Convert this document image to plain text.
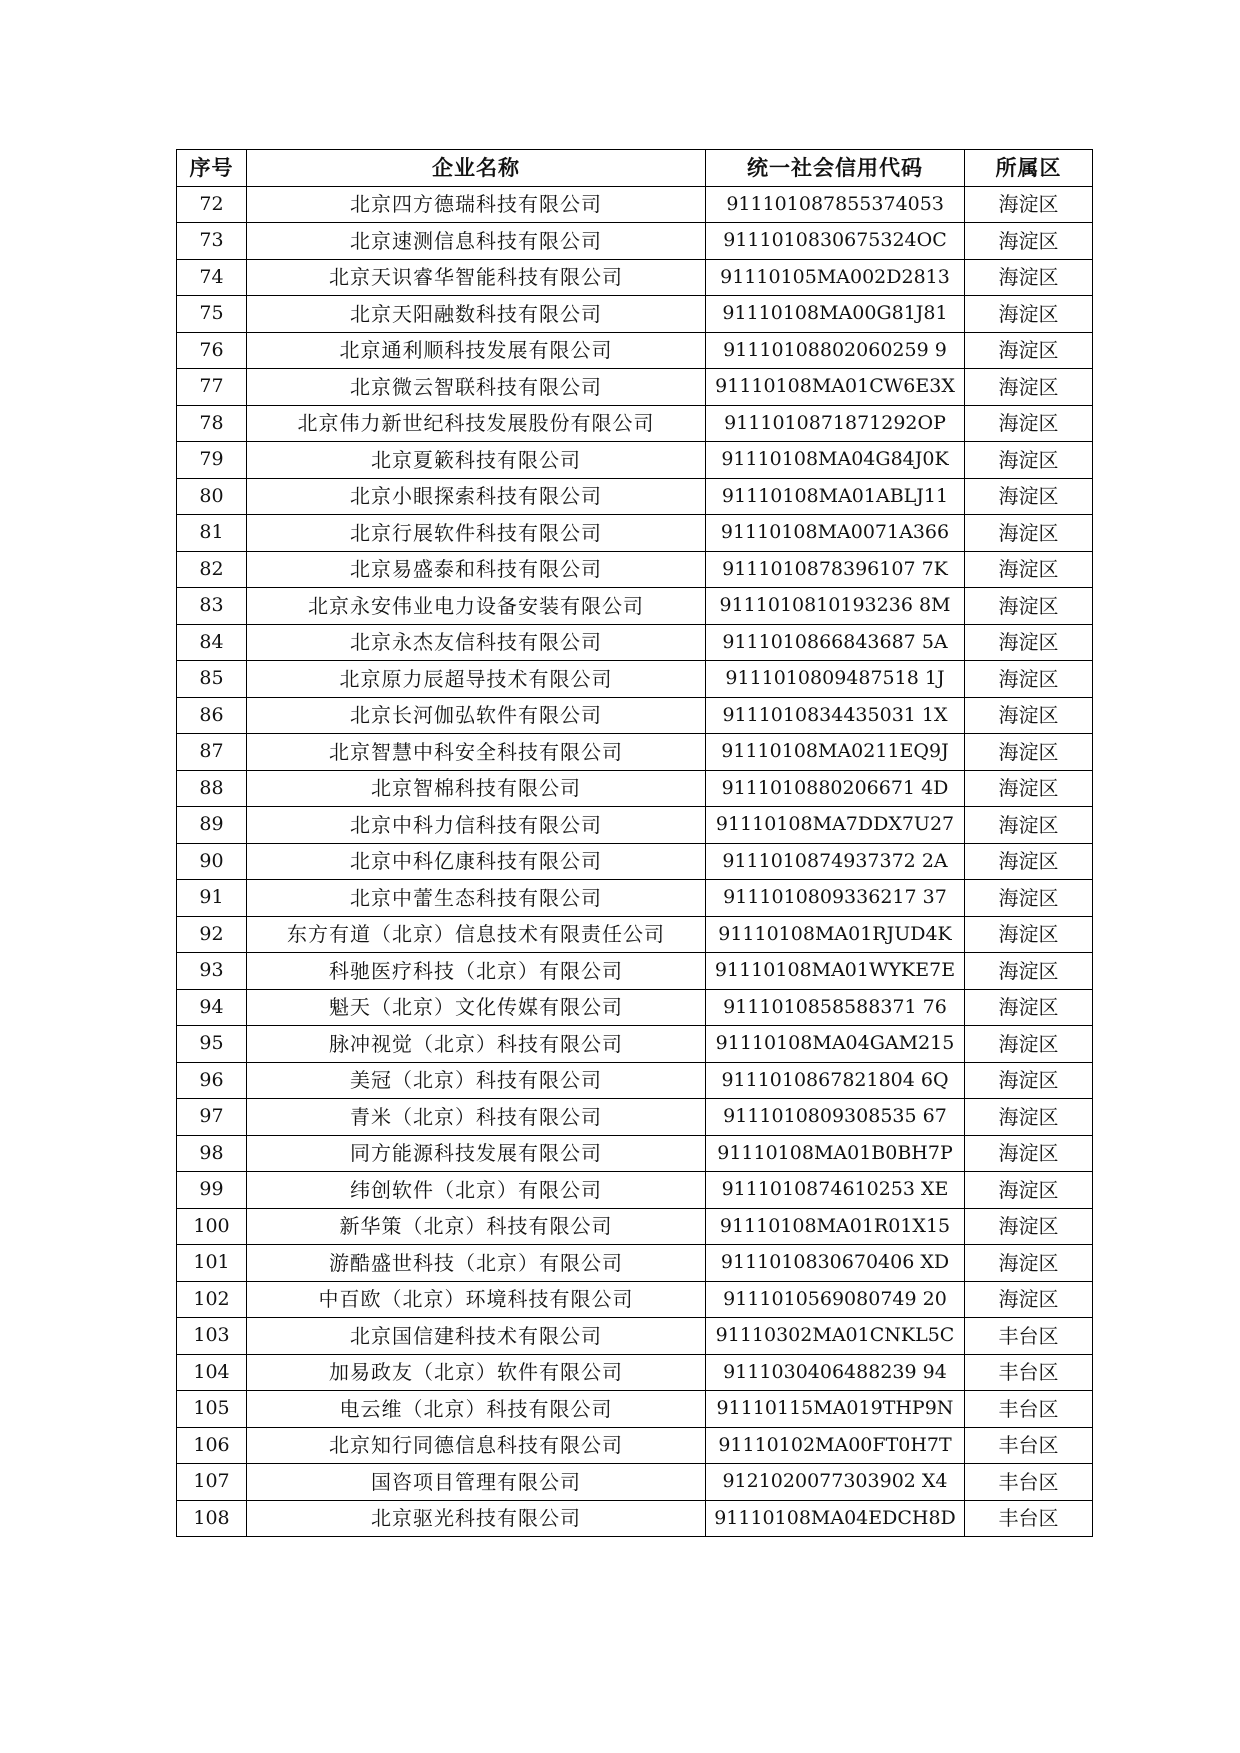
序号	企业名称	统一社会信用代码	所属区
72	北京四方德瑞科技有限公司	91110108785537405З	海淀区
73	北京速测信息科技有限公司	9111010830675324OC	海淀区
74	北京天识睿华智能科技有限公司	91110105MA002D2813	海淀区
75	北京天阳融数科技有限公司	91110108MA00G81J81	海淀区
76	北京通利顺科技发展有限公司	91110108802060259 9	海淀区
77	北京微云智联科技有限公司	91110108MA01CW6E3X	海淀区
78	北京伟力新世纪科技发展股份有限公司	9111010871871292OP	海淀区
79	北京夏簌科技有限公司	91110108MA04G84J0K	海淀区
80	北京小眼探索科技有限公司	91110108MA01ABLJ11	海淀区
81	北京行展软件科技有限公司	91110108MA0071A366	海淀区
82	北京易盛泰和科技有限公司	9111010878396107 7K	海淀区
83	北京永安伟业电力设备安装有限公司	9111010810193236 8M	海淀区
84	北京永杰友信科技有限公司	9111010866843687 5A	海淀区
85	北京原力辰超导技术有限公司	9111010809487518 1J	海淀区
86	北京长河伽弘软件有限公司	9111010834435031 1X	海淀区
87	北京智慧中科安全科技有限公司	91110108MA0211EQ9J	海淀区
88	北京智棉科技有限公司	9111010880206671 4D	海淀区
89	北京中科力信科技有限公司	91110108MA7DDX7U27	海淀区
90	北京中科亿康科技有限公司	9111010874937372 2A	海淀区
91	北京中蕾生态科技有限公司	9111010809336217 37	海淀区
92	东方有道（北京）信息技术有限责任公司	91110108MA01RJUD4K	海淀区
93	科驰医疗科技（北京）有限公司	91110108MA01WYKE7E	海淀区
94	魁天（北京）文化传媒有限公司	9111010858588371 76	海淀区
95	脉冲视觉（北京）科技有限公司	91110108MA04GAM215	海淀区
96	美冠（北京）科技有限公司	9111010867821804 6Q	海淀区
97	青米（北京）科技有限公司	9111010809308535 67	海淀区
98	同方能源科技发展有限公司	91110108MA01B0BH7P	海淀区
99	纬创软件（北京）有限公司	9111010874610253 XE	海淀区
100	新华策（北京）科技有限公司	91110108MA01R01X15	海淀区
101	游酷盛世科技（北京）有限公司	9111010830670406 XD	海淀区
102	中百欧（北京）环境科技有限公司	9111010569080749 20	海淀区
103	北京国信建科技术有限公司	91110302MA01CNKL5C	丰台区
104	加易政友（北京）软件有限公司	9111030406488239 94	丰台区
105	电云维（北京）科技有限公司	91110115MA019THP9N	丰台区
106	北京知行同德信息科技有限公司	91110102MA00FT0H7T	丰台区
107	国咨项目管理有限公司	9121020077303902 X4	丰台区
108	北京驱光科技有限公司	91110108MA04EDCH8D	丰台区
